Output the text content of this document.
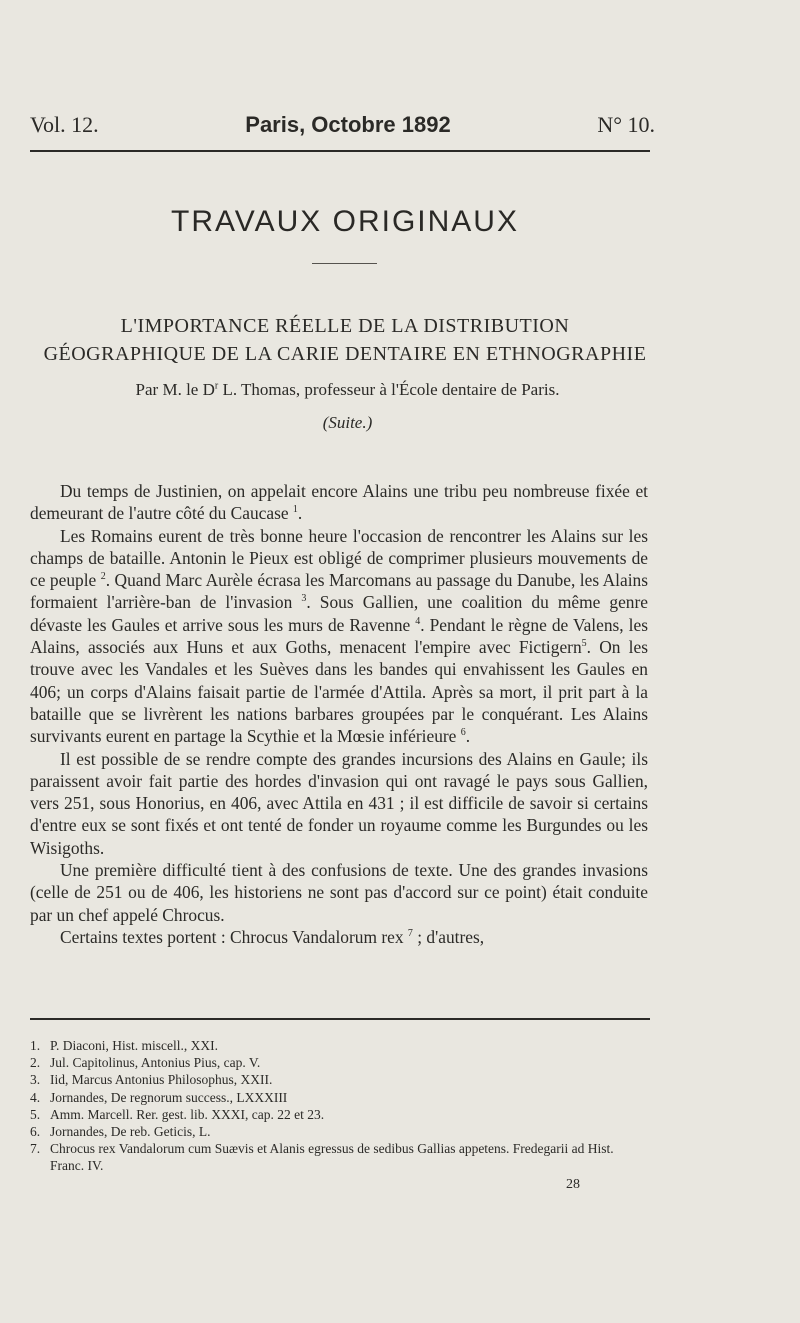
Vol. 12.	Paris, Octobre 1892	N° 10.
TRAVAUX ORIGINAUX
L'IMPORTANCE RÉELLE DE LA DISTRIBUTION
GÉOGRAPHIQUE DE LA CARIE DENTAIRE EN ETHNOGRAPHIE
Par M. le $D^r$ L. Thomas, professeur à l'École dentaire de Paris.
(Suite.)

Du temps de Justinien, on appelait encore Alains une tribu peu nombreuse fixée et demeurant de l'autre côté du Caucase $^1$.

Les Romains eurent de très bonne heure l'occasion de rencontrer les Alains sur les champs de bataille. Antonin le Pieux est obligé de comprimer plusieurs mouvements de ce peuple $^2$. Quand Marc Aurèle écrasa les Marcomans au passage du Danube, les Alains formaient l'arrière-ban de l'invasion $^3$. Sous Gallien, une coalition du même genre dévaste les Gaules et arrive sous les murs de Ravenne $^4$. Pendant le règne de Valens, les Alains, associés aux Huns et aux Goths, menacent l'empire avec Fictigern$^5$. On les trouve avec les Vandales et les Suèves dans les bandes qui envahissent les Gaules en 406; un corps d'Alains faisait partie de l'armée d'Attila. Après sa mort, il prit part à la bataille que se livrèrent les nations barbares groupées par le conquérant. Les Alains survivants eurent en partage la Scythie et la Mœsie inférieure $^6$.

Il est possible de se rendre compte des grandes incursions des Alains en Gaule; ils paraissent avoir fait partie des hordes d'invasion qui ont ravagé le pays sous Gallien, vers 251, sous Honorius, en 406, avec Attila en 431 ; il est difficile de savoir si certains d'entre eux se sont fixés et ont tenté de fonder un royaume comme les Burgundes ou les Wisigoths.

Une première difficulté tient à des confusions de texte. Une des grandes invasions (celle de 251 ou de 406, les historiens ne sont pas d'accord sur ce point) était conduite par un chef appelé Chrocus.

Certains textes portent : Chrocus Vandalorum rex $^7$ ; d'autres,

1. P. Diaconi, Hist. miscell., XXI.
2. Jul. Capitolinus, Antonius Pius, cap. V.
3. Iid, Marcus Antonius Philosophus, XXII.
4. Jornandes, De regnorum success., LXXXIII
5. Amm. Marcell. Rer. gest. lib. XXXI, cap. 22 et 23.
6. Jornandes, De reb. Geticis, L.
7. Chrocus rex Vandalorum cum Suævis et Alanis egressus de sedibus Gallias appetens. Fredegarii ad Hist. Franc. IV.
28
